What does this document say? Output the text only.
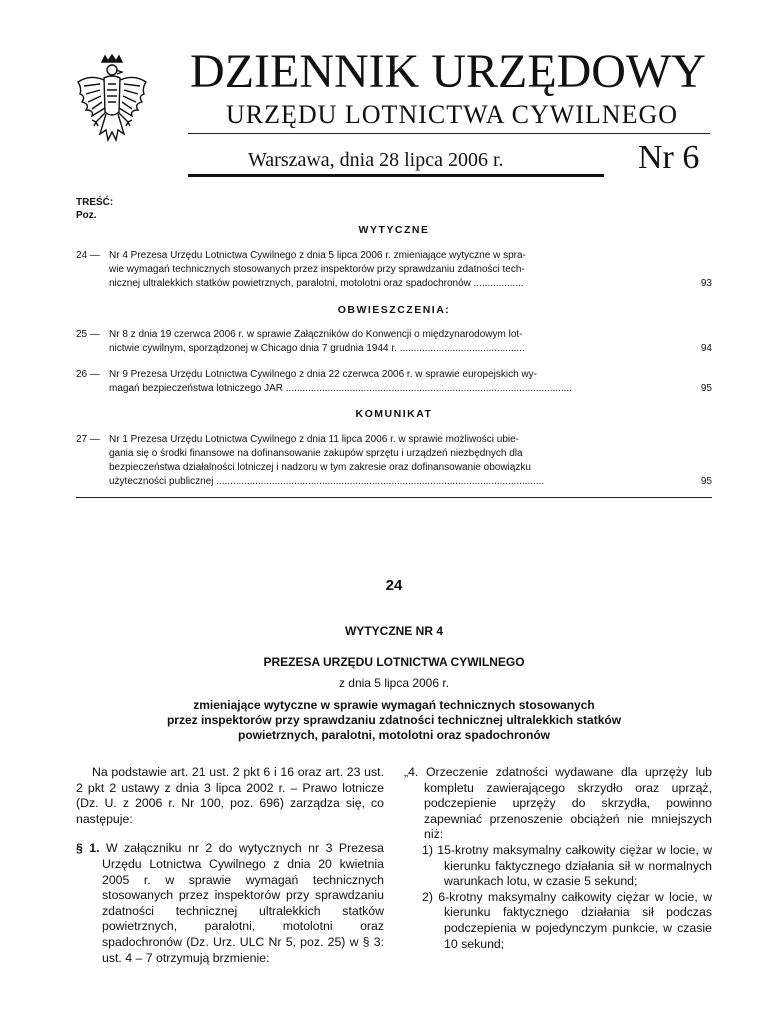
DZIENNIK URZĘDOWY
URZĘDU LOTNICTWA CYWILNEGO
Warszawa, dnia 28 lipca 2006 r.	Nr 6
TREŚĆ:
Poz.
WYTYCZNE
24 — Nr 4 Prezesa Urzędu Lotnictwa Cywilnego z dnia 5 lipca 2006 r. zmieniające wytyczne w spra-
wie wymagań technicznych stosowanych przez inspektorów przy sprawdzaniu zdatności tech-
nicznej ultralekkich statków powietrznych, paralotni, motolotni oraz spadochronów ..................	93
OBWIESZCZENIA:
25 — Nr 8 z dnia 19 czerwca 2006 r. w sprawie Załączników do Konwencji o międzynarodowym lot-
nictwie cywilnym, sporządzonej w Chicago dnia 7 grudnia 1944 r. .............................................	94
26 — Nr 9 Prezesa Urzędu Lotnictwa Cywilnego z dnia 22 czerwca 2006 r. w sprawie europejskich wy-
magań bezpieczeństwa lotniczego JAR .......................................................................................................	95
KOMUNIKAT
27 — Nr 1 Prezesa Urzędu Lotnictwa Cywilnego z dnia 11 lipca 2006 r. w sprawie możliwości ubie-
gania się o środki finansowe na dofinansowanie zakupów sprzętu i urządzeń niezbędnych dla
bezpieczeństwa działalności lotniczej i nadzoru w tym zakresie oraz dofinansowanie obowiązku
użyteczności publicznej ......................................................................................................................	95
24
WYTYCZNE NR 4
PREZESA URZĘDU LOTNICTWA CYWILNEGO
z dnia 5 lipca 2006 r.
zmieniające wytyczne w sprawie wymagań technicznych stosowanych
przez inspektorów przy sprawdzaniu zdatności technicznej ultralekkich statków
powietrznych, paralotni, motolotni oraz spadochronów

Na podstawie art. 21 ust. 2 pkt 6 i 16 oraz art. 23 ust. 2 pkt 2 ustawy z dnia 3 lipca 2002 r. – Prawo lotnicze (Dz. U. z 2006 r. Nr 100, poz. 696) zarządza się, co następuje:

§ 1. W załączniku nr 2 do wytycznych nr 3 Prezesa Urzędu Lotnictwa Cywilnego z dnia 20 kwietnia 2005 r. w sprawie wymagań technicznych stosowanych przez inspektorów przy sprawdzaniu zdatności technicznej ultralekkich statków powietrznych, paralotni, motolotni oraz spadochronów (Dz. Urz. ULC Nr 5, poz. 25) w § 3: ust. 4 – 7 otrzymują brzmienie:

„4. Orzeczenie zdatności wydawane dla uprzęży lub kompletu zawierającego skrzydło oraz uprząż, podczepienie uprzęży do skrzydła, powinno zapewniać przenoszenie obciążeń nie mniejszych niż:

1) 15-krotny maksymalny całkowity ciężar w locie, w kierunku faktycznego działania sił w normalnych warunkach lotu, w czasie 5 sekund;

2) 6-krotny maksymalny całkowity ciężar w locie, w kierunku faktycznego działania sił podczas podczepienia w pojedynczym punkcie, w czasie 10 sekund;
